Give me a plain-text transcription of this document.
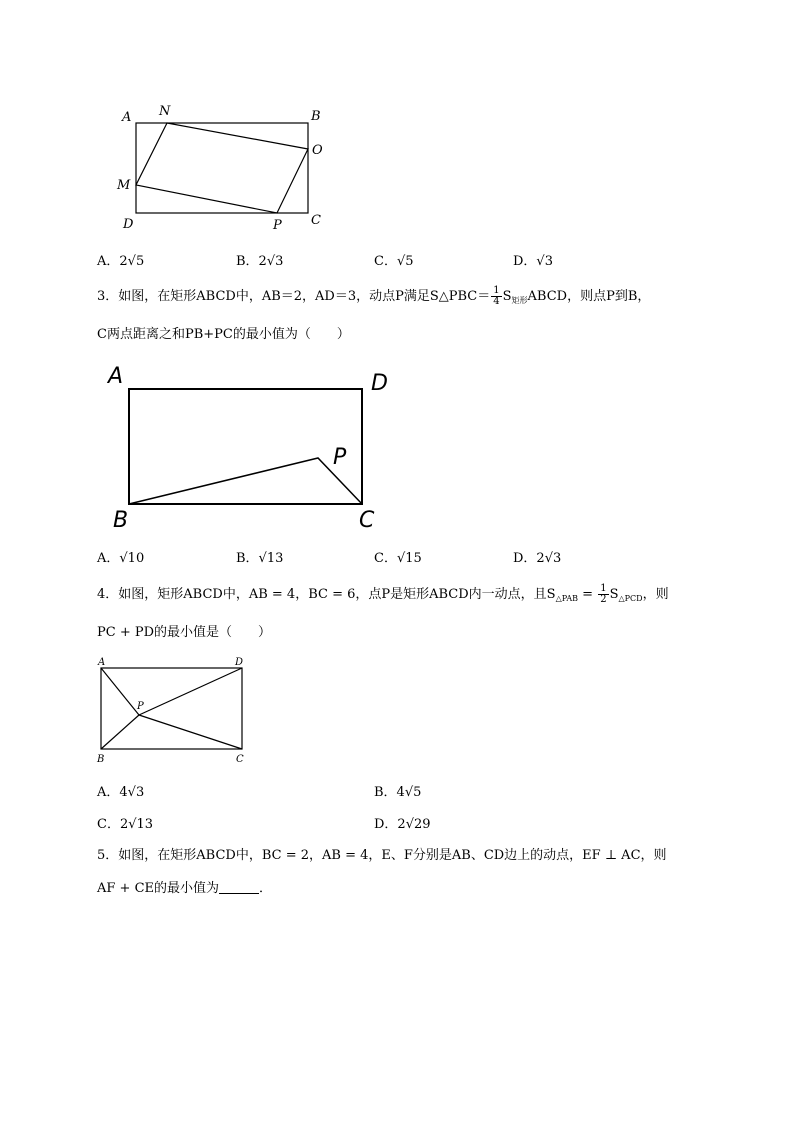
A N	B
O
M
D	P C
A．2√5	B．2√3	C．√5	D．√3
3．如图，在矩形ABCD中，AB＝2，AD＝3，动点P满足S△PBC＝ $\frac{1}{4}$ $S_{矩形}ABCD$，则点P到B，
C两点距离之和PB+PC的最小值为（　　）
A	D
P
B	C
A．√10	B．√13	C．√15	D．2√3
4．如图，矩形ABCD中，AB = 4，BC = 6，点P是矩形ABCD内一动点，且$S_{\triangle PAB} = \frac{1}{2} S_{\triangle PCD}$，则
PC + PD的最小值是（　　）
A	D
P
B	C
A．4√3	B．4√5
C．2√13	D．2√29
5．如图，在矩形ABCD中，BC = 2，AB = 4，E、F分别是AB、CD边上的动点，EF ⊥ AC，则
AF + CE的最小值为	．
